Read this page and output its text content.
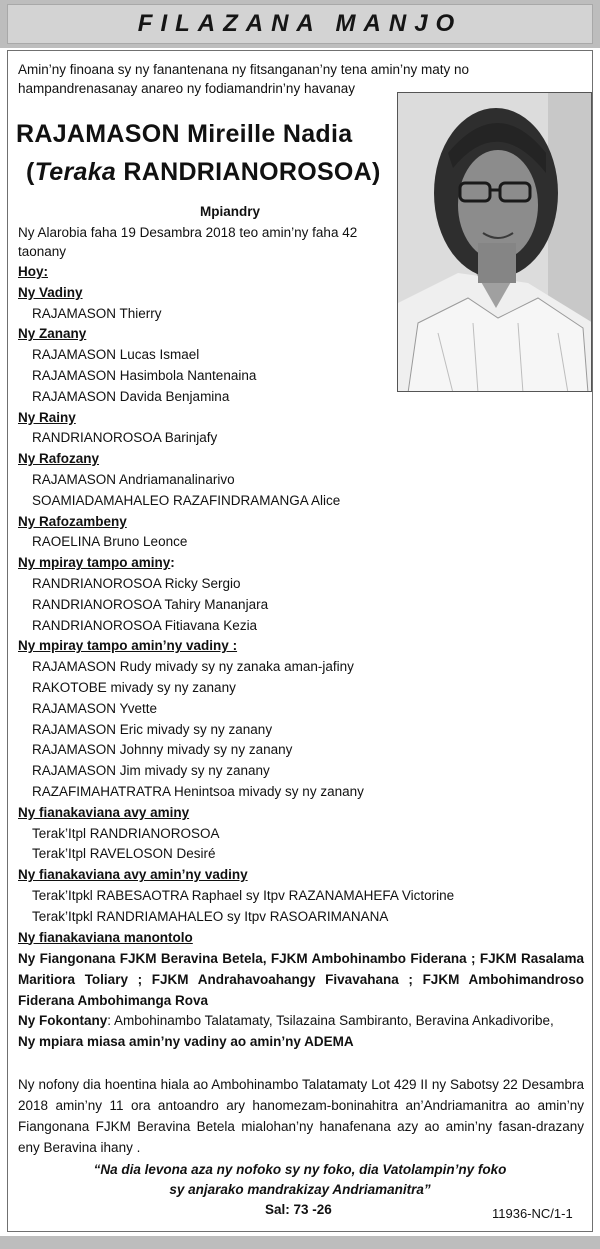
FILAZANA MANJO
Amin’ny finoana sy ny fanantenana ny fitsanganan’ny tena amin’ny maty no hampandrenasanay anareo ny fodiamandrin’ny havanay
RAJAMASON Mireille Nadia
(Teraka RANDRIANOROSOA)
Mpiandry
Ny Alarobia faha 19 Desambra 2018 teo amin’ny faha 42 taonany
Hoy:
Ny Vadiny
RAJAMASON Thierry
Ny Zanany
RAJAMASON Lucas Ismael
RAJAMASON Hasimbola Nantenaina
RAJAMASON Davida Benjamina
Ny Rainy
RANDRIANOROSOA Barinjafy
Ny Rafozany
RAJAMASON Andriamanalinarivo
SOAMIADAMAHALEO RAZAFINDRAMANGA Alice
Ny Rafozambeny
RAOELINA Bruno Leonce
Ny mpiray tampo aminy:
RANDRIANOROSOA Ricky Sergio
RANDRIANOROSOA Tahiry Mananjara
RANDRIANOROSOA Fitiavana Kezia
Ny mpiray tampo amin’ny vadiny :
RAJAMASON Rudy mivady sy ny zanaka aman-jafiny
RAKOTOBE mivady sy ny zanany
RAJAMASON Yvette
RAJAMASON Eric mivady sy ny zanany
RAJAMASON Johnny mivady sy ny zanany
RAJAMASON Jim mivady sy ny zanany
RAZAFIMAHATRATRA Henintsoa mivady sy ny zanany
Ny fianakaviana avy aminy
Terak’Itpl RANDRIANOROSOA
Terak’Itpl RAVELOSON Desiré
Ny fianakaviana avy amin’ny vadiny
Terak’Itpkl RABESAOTRA Raphael sy Itpv RAZANAMAHEFA Victorine
Terak’Itpkl RANDRIAMAHALEO sy Itpv RASOARIMANANA
Ny fianakaviana manontolo
Ny Fiangonana FJKM Beravina Betela, FJKM Ambohinambo Fiderana ; FJKM Rasalama Maritiora Toliary ; FJKM Andrahavoahangy Fivavahana ; FJKM Ambohimandroso Fiderana Ambohimanga Rova
Ny Fokontany: Ambohinambo Talatamaty, Tsilazaina Sambiranto, Beravina Ankadivoribe,
Ny mpiara miasa amin’ny vadiny ao amin’ny ADEMA
Ny nofony dia hoentina hiala ao Ambohinambo Talatamaty Lot 429 II ny Sabotsy 22 Desambra 2018 amin’ny 11 ora antoandro ary hanomezam-boninahitra an’Andriamanitra ao amin’ny Fiangonana FJKM Beravina Betela mialohan’ny hanafenana azy ao amin’ny fasan-drazany eny Beravina ihany .
“Na dia levona aza ny nofoko sy ny foko, dia Vatolampin’ny foko
sy anjarako mandrakizay Andriamanitra”
Sal: 73 -26	11936-NC/1-1
